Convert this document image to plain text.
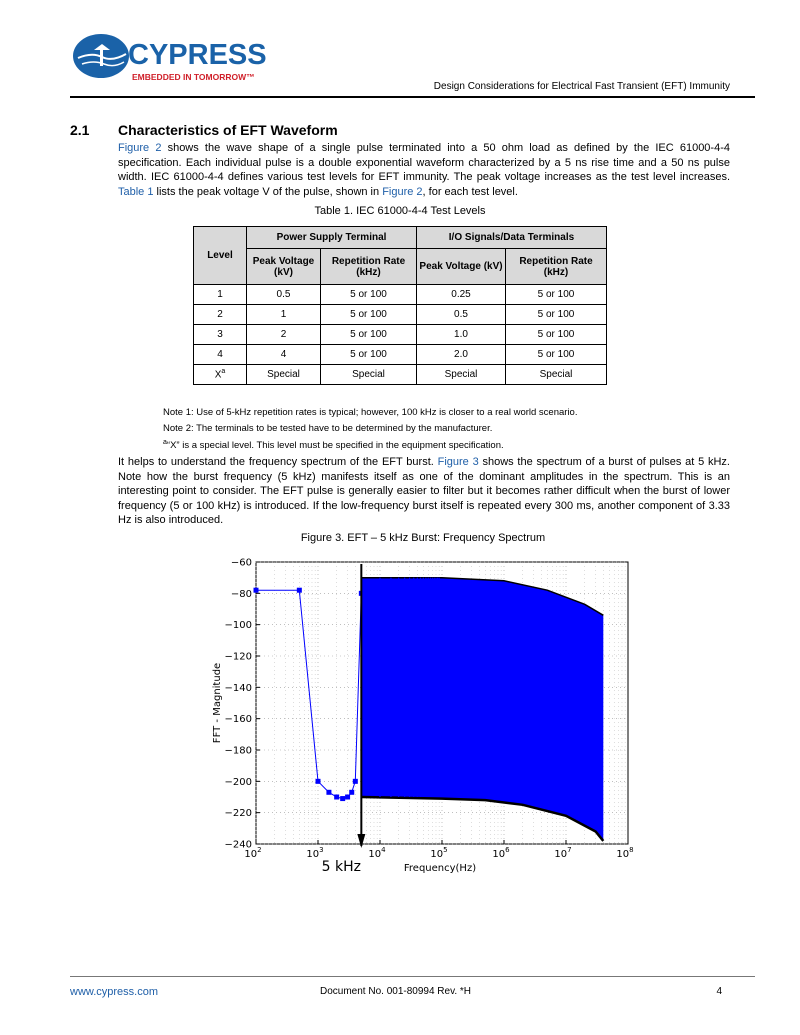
CYPRESS
EMBEDDED IN TOMORROW™
Design Considerations for Electrical Fast Transient (EFT) Immunity
2.1 Characteristics of EFT Waveform

Figure 2 shows the wave shape of a single pulse terminated into a 50 ohm load as defined by the IEC 61000-4-4 specification. Each individual pulse is a double exponential waveform characterized by a 5 ns rise time and a 50 ns pulse width. IEC 61000-4-4 defines various test levels for EFT immunity. The peak voltage increases as the test level increases. Table 1 lists the peak voltage V of the pulse, shown in Figure 2, for each test level.

Table 1. IEC 61000-4-4 Test Levels
Level	Power Supply Terminal		I/O Signals/Data Terminals	
	Peak Voltage (kV)	Repetition Rate (kHz)	Peak Voltage (kV)	Repetition Rate (kHz)
1	0.5	5 or 100	0.25	5 or 100
2	1	5 or 100	0.5	5 or 100
3	2	5 or 100	1.0	5 or 100
4	4	5 or 100	2.0	5 or 100
$X^a$	Special	Special	Special	Special
Note 1: Use of 5-kHz repetition rates is typical; however, 100 kHz is closer to a real world scenario.
Note 2: The terminals to be tested have to be determined by the manufacturer.
$^a$“X” is a special level. This level must be specified in the equipment specification.

It helps to understand the frequency spectrum of the EFT burst. Figure 3 shows the spectrum of a burst of pulses at 5 kHz. Note how the burst frequency (5 kHz) manifests itself as one of the dominant amplitudes in the spectrum. This is an interesting point to consider. The EFT pulse is generally easier to filter but it becomes rather difficult when the burst of lower frequency (5 or 100 kHz) is introduced. If the low-frequency burst itself is repeated every 300 ms, another component of 3.33 Hz is also introduced.

Figure 3. EFT – 5 kHz Burst: Frequency Spectrum
−60
−80
−100
−120
−140
−160
−180
−200
−220
−240
$10^2$	$10^3$	$10^4$	$10^5$	$10^6$	$10^7$	$10^8$
Frequency(Hz)
FFT - Magnitude
5 kHz
www.cypress.com	Document No. 001-80994 Rev. *H	4
